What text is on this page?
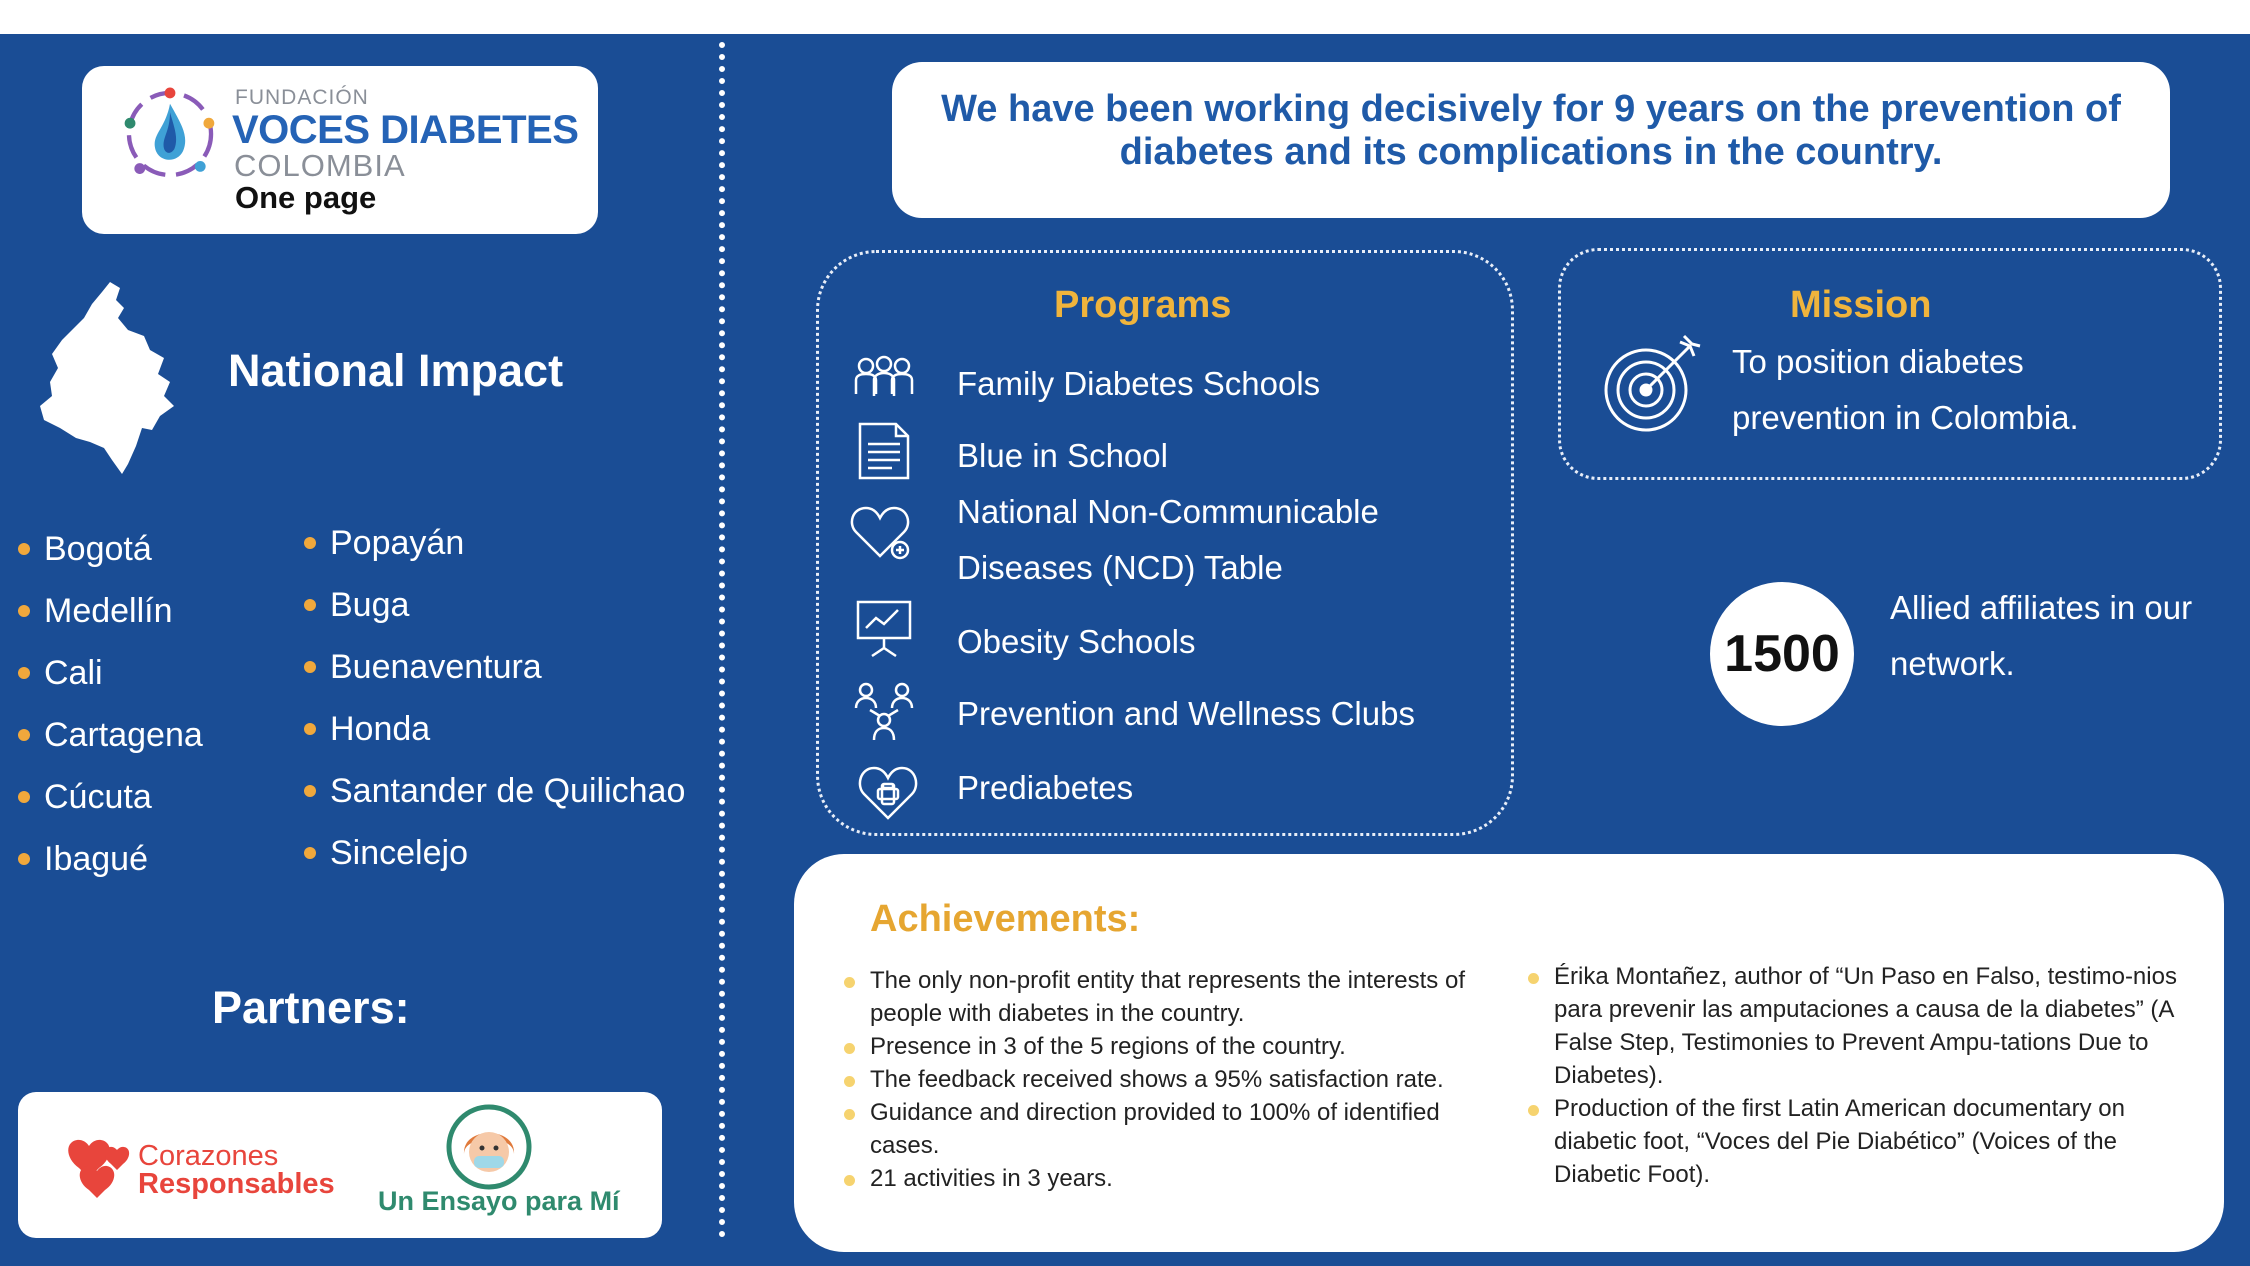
FUNDACIÓN
VOCES DIABETES
COLOMBIA
One page
National Impact
Bogotá
Medellín
Cali
Cartagena
Cúcuta
Ibagué
Popayán
Buga
Buenaventura
Honda
Santander de Quilichao
Sincelejo
Partners:
Corazones
Responsables
Un Ensayo para Mí
We have been working decisively for 9 years on the prevention of diabetes and its complications in the country.
Programs
Family Diabetes Schools
Blue in School
National Non-Communicable Diseases (NCD) Table
Obesity Schools
Prevention and Wellness Clubs
Prediabetes
Mission
To position diabetes prevention in Colombia.
1500
Allied affiliates in our network.
Achievements:
The only non-profit entity that represents the interests of people with diabetes in the country.
Presence in 3 of the 5 regions of the country.
The feedback received shows a 95% satisfaction rate.
Guidance and direction provided to 100% of identified cases.
21 activities in 3 years.
Érika Montañez, author of “Un Paso en Falso, testimo-nios para prevenir las amputaciones a causa de la diabetes” (A False Step, Testimonies to Prevent Ampu-tations Due to Diabetes).
Production of the first Latin American documentary on diabetic foot, “Voces del Pie Diabético” (Voices of the Diabetic Foot).
